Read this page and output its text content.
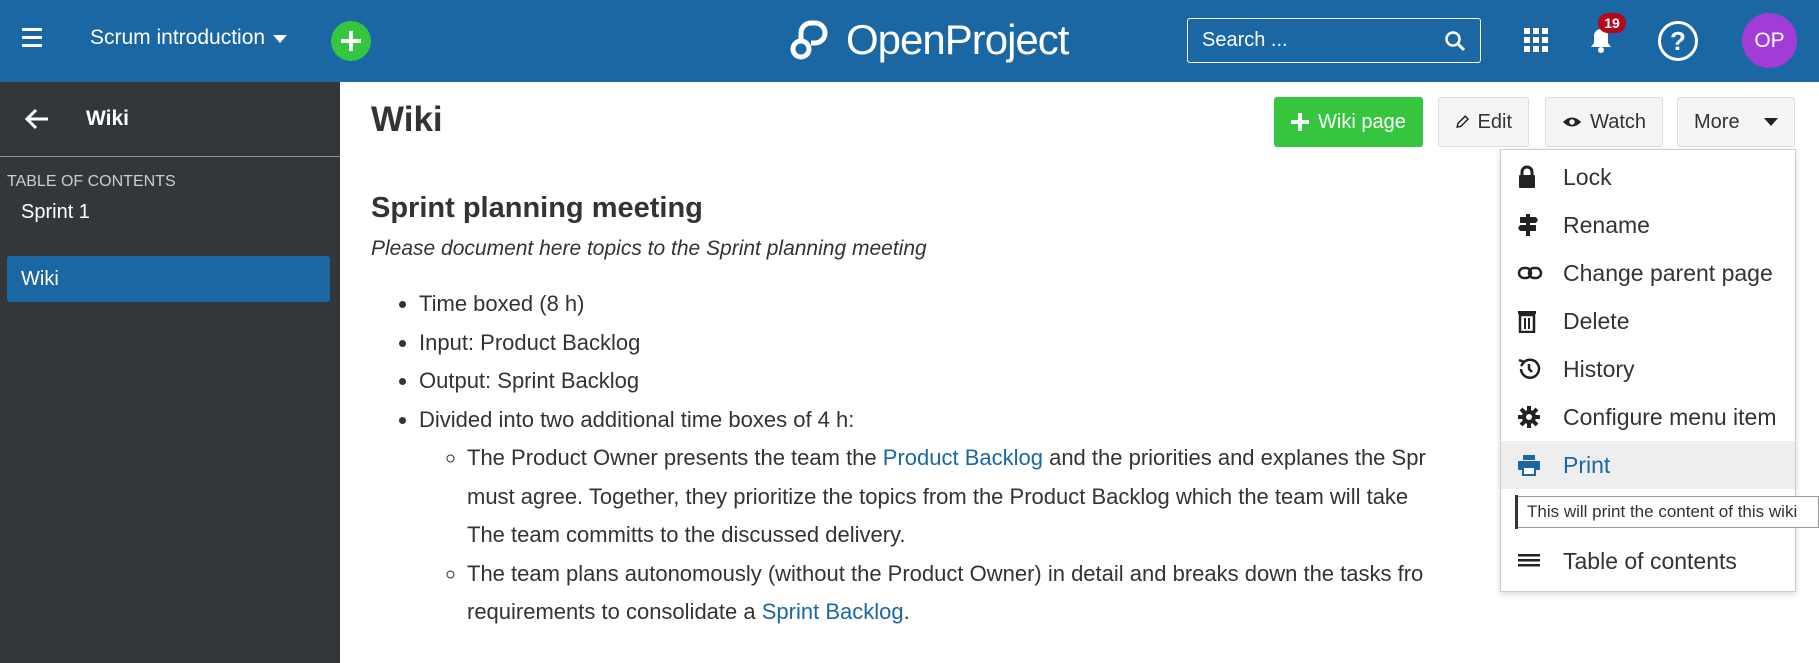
Scrum introduction	OpenProject	Search ...
19
?	OP
Wiki
TABLE OF CONTENTS
Sprint 1
Wiki
Wiki	Wiki page	Edit	Watch More
Sprint planning meeting
Please document here topics to the Sprint planning meeting
• Time boxed (8 h)
• Input: Product Backlog
• Output: Sprint Backlog
• Divided into two additional time boxes of 4 h:
◦ The Product Owner presents the team the Product Backlog and the priorities and explanes the Spr
must agree. Together, they prioritize the topics from the Product Backlog which the team will take
The team committs to the discussed delivery.
◦ The team plans autonomously (without the Product Owner) in detail and breaks down the tasks fro
requirements to consolidate a Sprint Backlog.
Lock
Rename
Change parent page
Delete
History
Configure menu item
Print
Table of contents
This will print the content of this wiki
